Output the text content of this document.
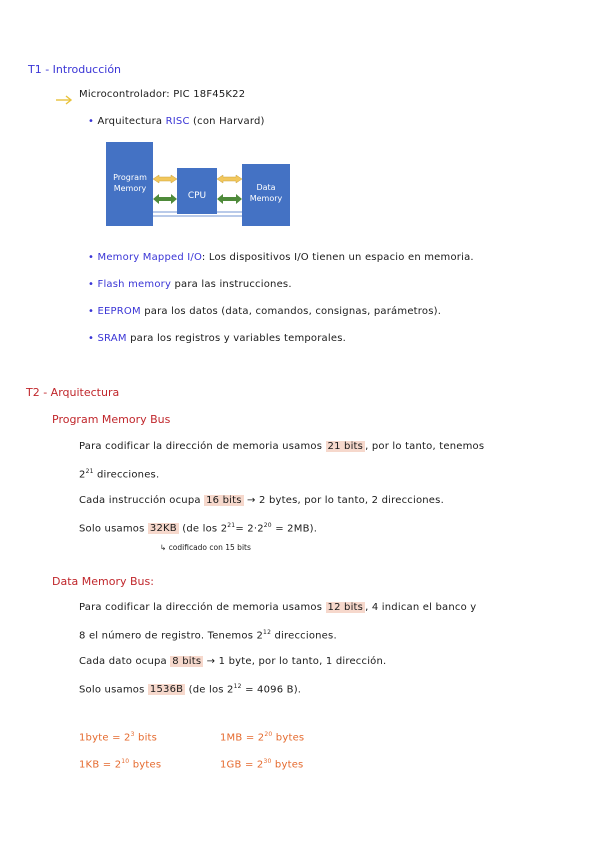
T1 - Introducción
Microcontrolador: PIC 18F45K22
• Arquitectura RISC (con Harvard)
Program Memory
CPU
Data Memory
• Memory Mapped I/O: Los dispositivos I/O tienen un espacio en memoria.
• Flash memory para las instrucciones.
• EEPROM para los datos (data, comandos, consignas, parámetros).
• SRAM para los registros y variables temporales.
T2 - Arquitectura
Program Memory Bus
Para codificar la dirección de memoria usamos 21 bits , por lo tanto, tenemos
$2^{21}$ direcciones.
Cada instrucción ocupa 16 bits → 2 bytes, por lo tanto, 2 direcciones.
Solo usamos 32KB (de los $2^{21}= 2\cdot 2^{20} = 2MB$).
↳ codificado con 15 bits
Data Memory Bus:
Para codificar la dirección de memoria usamos 12 bits , 4 indican el banco y
8 el número de registro. Tenemos $2^{12}$ direcciones.
Cada dato ocupa 8 bits → 1 byte, por lo tanto, 1 dirección.
Solo usamos 1536B (de los $2^{12} = 4096$ B).
1byte = $2^3$ bits	$1MB = 2^{20}$ bytes
$1KB = 2^{10}$ bytes	$1GB = 2^{30}$ bytes
